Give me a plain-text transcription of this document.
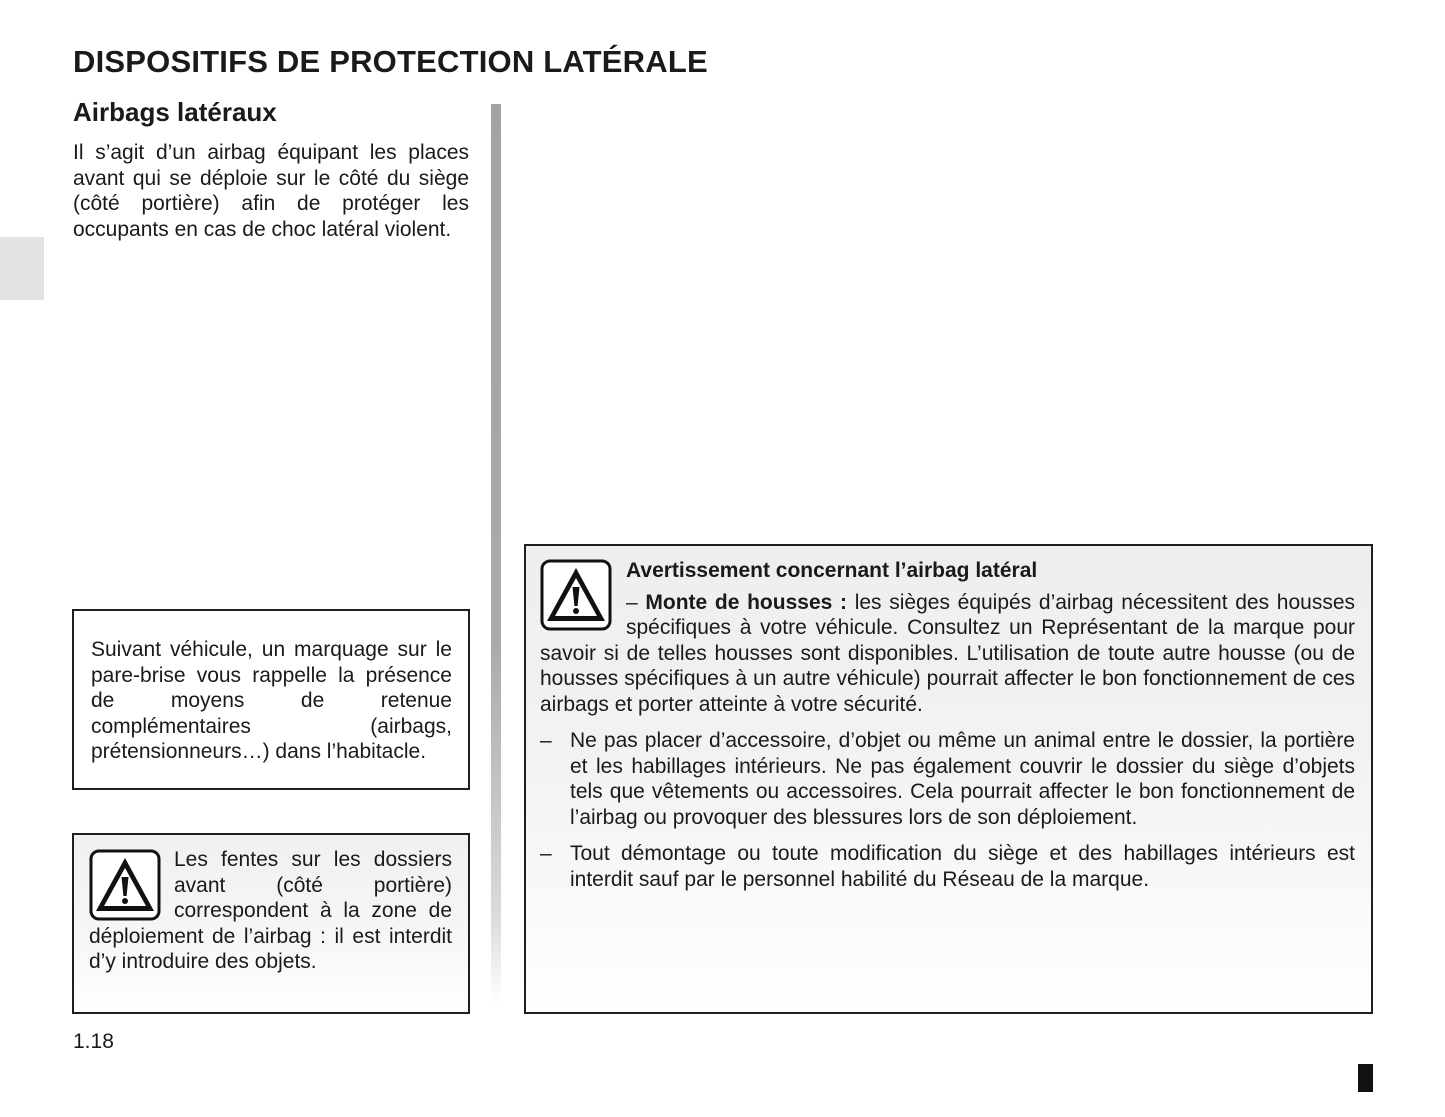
DISPOSITIFS DE PROTECTION LATÉRALE
Airbags latéraux

Il s’agit d’un airbag équipant les places avant qui se déploie sur le côté du siège (côté portière) afin de protéger les occupants en cas de choc latéral violent.

Suivant véhicule, un marquage sur le pare-brise vous rappelle la présence de moyens de retenue complémentaires (airbags, prétensionneurs…) dans l’habitacle.

Les fentes sur les dossiers avant (côté portière) correspondent à la zone de déploiement de l’airbag : il est interdit d’y introduire des objets.

Avertissement concernant l’airbag latéral
– Monte de housses : les sièges équipés d’airbag nécessitent des housses spécifiques à votre véhicule. Consultez un Représentant de la marque pour savoir si de telles housses sont disponibles. L’utilisation de toute autre housse (ou de housses spécifiques à un autre véhicule) pourrait affecter le bon fonctionnement de ces airbags et porter atteinte à votre sécurité.
– Ne pas placer d’accessoire, d’objet ou même un animal entre le dossier, la portière et les habillages intérieurs. Ne pas également couvrir le dossier du siège d’objets tels que vêtements ou accessoires. Cela pourrait affecter le bon fonctionnement de l’airbag ou provoquer des blessures lors de son déploiement.
– Tout démontage ou toute modification du siège et des habillages intérieurs est interdit sauf par le personnel habilité du Réseau de la marque.
1.18
